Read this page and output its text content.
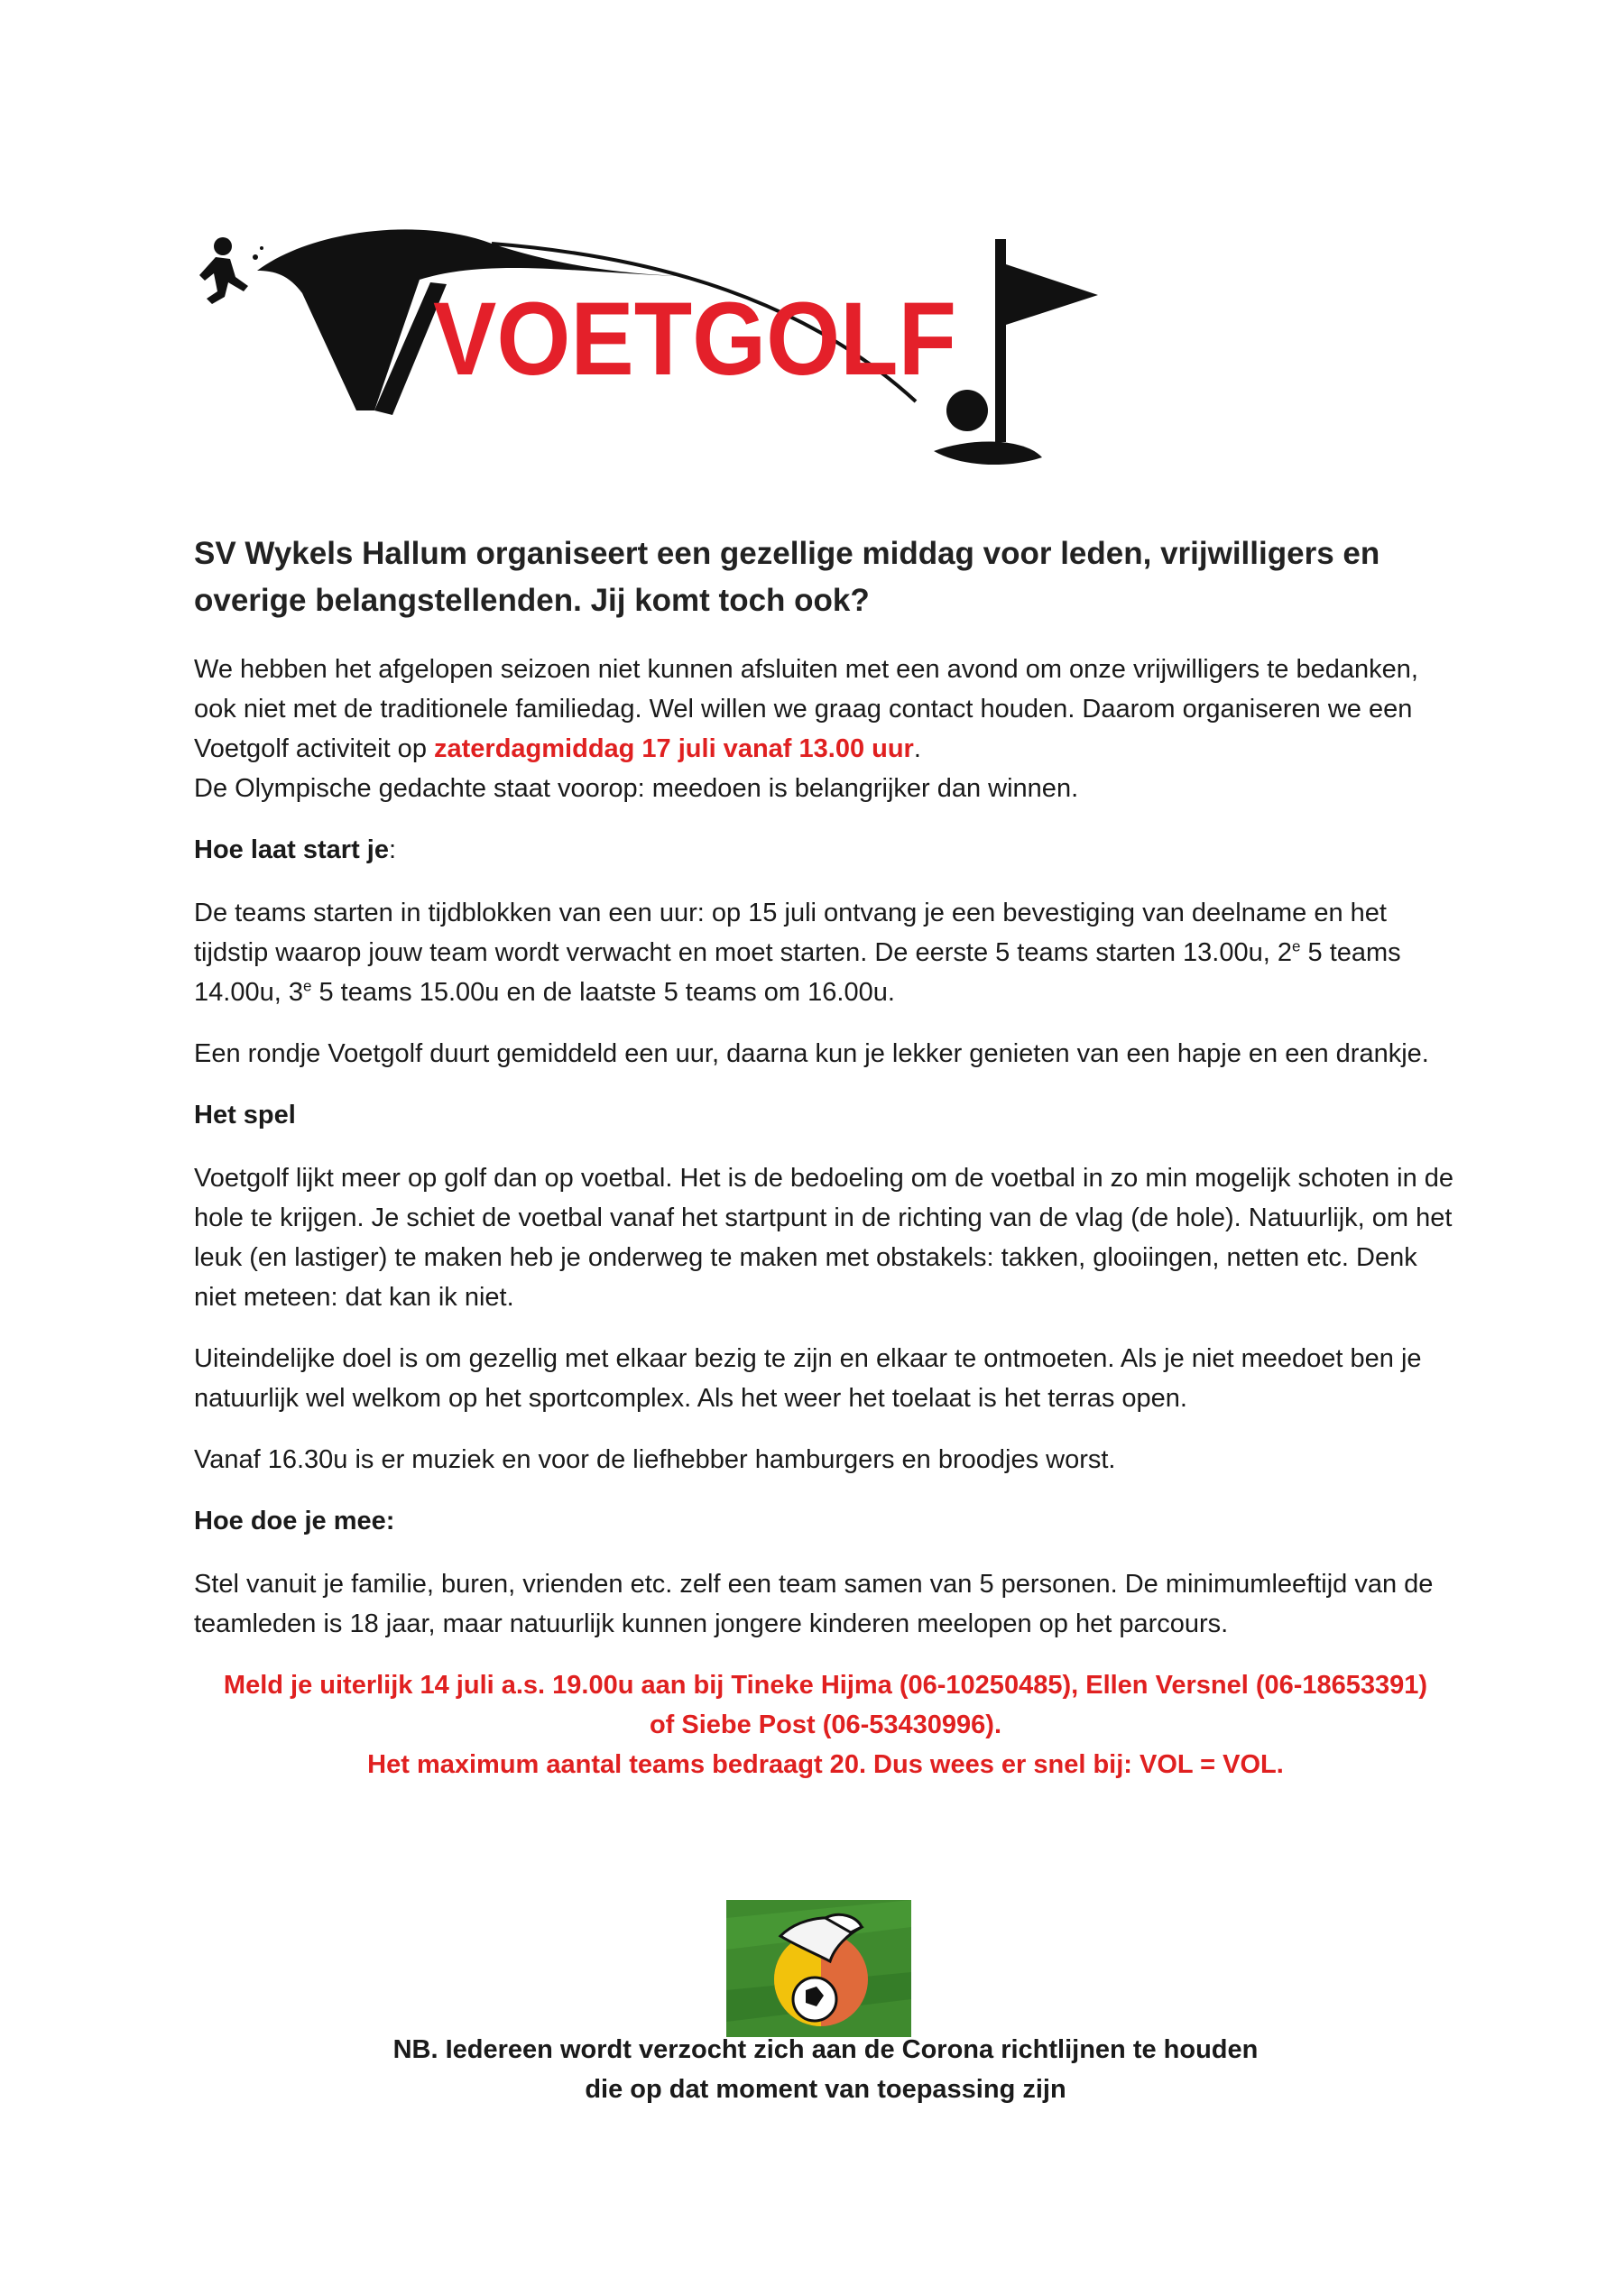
VOETGOLF

SV Wykels Hallum organiseert een gezellige middag voor leden, vrijwilligers en overige belangstellenden. Jij komt toch ook?

We hebben het afgelopen seizoen niet kunnen afsluiten met een avond om onze vrijwilligers te bedanken, ook niet met de traditionele familiedag. Wel willen we graag contact houden. Daarom organiseren we een Voetgolf activiteit op zaterdagmiddag 17 juli vanaf 13.00 uur.
De Olympische gedachte staat voorop: meedoen is belangrijker dan winnen.

Hoe laat start je:

De teams starten in tijdblokken van een uur: op 15 juli ontvang je een bevestiging van deelname en het tijdstip waarop jouw team wordt verwacht en moet starten. De eerste 5 teams starten 13.00u, 2e 5 teams 14.00u, 3e 5 teams 15.00u en de laatste 5 teams om 16.00u.

Een rondje Voetgolf duurt gemiddeld een uur, daarna kun je lekker genieten van een hapje en een drankje.

Het spel

Voetgolf lijkt meer op golf dan op voetbal. Het is de bedoeling om de voetbal in zo min mogelijk schoten in de hole te krijgen. Je schiet de voetbal vanaf het startpunt in de richting van de vlag (de hole). Natuurlijk, om het leuk (en lastiger) te maken heb je onderweg te maken met obstakels: takken, glooiingen, netten etc. Denk niet meteen: dat kan ik niet.

Uiteindelijke doel is om gezellig met elkaar bezig te zijn en elkaar te ontmoeten. Als je niet meedoet ben je natuurlijk wel welkom op het sportcomplex. Als het weer het toelaat is het terras open.

Vanaf 16.30u is er muziek en voor de liefhebber hamburgers en broodjes worst.

Hoe doe je mee:

Stel vanuit je familie, buren, vrienden etc. zelf een team samen van 5 personen. De minimumleeftijd van de teamleden is 18 jaar, maar natuurlijk kunnen jongere kinderen meelopen op het parcours.

Meld je uiterlijk 14 juli a.s. 19.00u aan bij Tineke Hijma (06-10250485), Ellen Versnel (06-18653391)
of Siebe Post (06-53430996).
Het maximum aantal teams bedraagt 20. Dus wees er snel bij: VOL = VOL.

NB. Iedereen wordt verzocht zich aan de Corona richtlijnen te houden
die op dat moment van toepassing zijn
